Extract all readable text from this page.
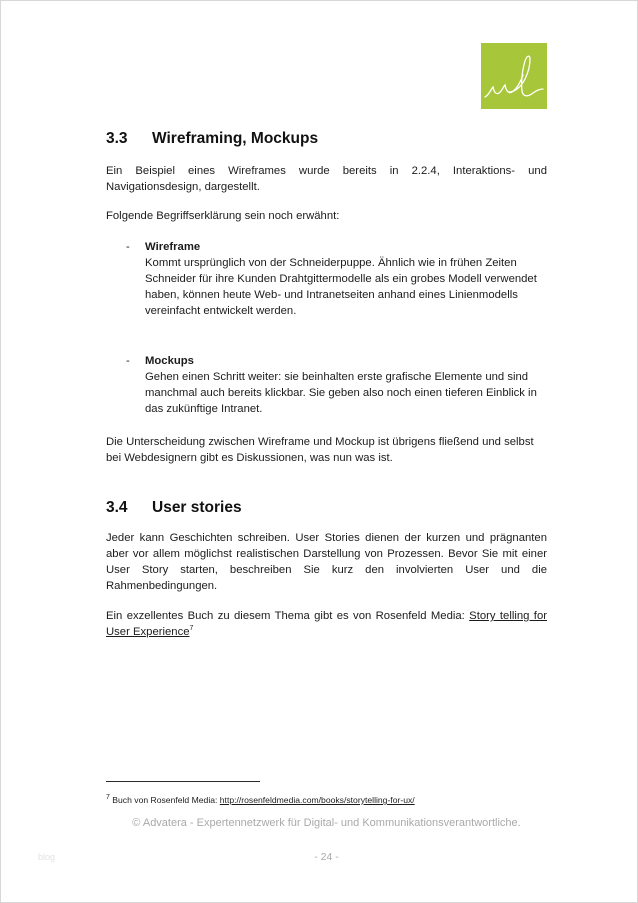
3.3 Wireframing, Mockups

Ein Beispiel eines Wireframes wurde bereits in 2.2.4, Interaktions- und Navigationsdesign, dargestellt.

Folgende Begriffserklärung sein noch erwähnt:

- Wireframe
Kommt ursprünglich von der Schneiderpuppe. Ähnlich wie in frühen Zeiten Schneider für ihre Kunden Drahtgittermodelle als ein grobes Modell verwendet haben, können heute Web- und Intranetseiten anhand eines Linienmodells vereinfacht entwickelt werden.
- Mockups
Gehen einen Schritt weiter: sie beinhalten erste grafische Elemente und sind manchmal auch bereits klickbar. Sie geben also noch einen tieferen Einblick in das zukünftige Intranet.

Die Unterscheidung zwischen Wireframe und Mockup ist übrigens fließend und selbst bei Webdesignern gibt es Diskussionen, was nun was ist.

3.4 User stories

Jeder kann Geschichten schreiben. User Stories dienen der kurzen und prägnanten aber vor allem möglichst realistischen Darstellung von Prozessen. Bevor Sie mit einer User Story starten, beschreiben Sie kurz den involvierten User und die Rahmenbedingungen.

Ein exzellentes Buch zu diesem Thema gibt es von Rosenfeld Media: Story telling for User Experience$^7$

$^7$ Buch von Rosenfeld Media: http://rosenfeldmedia.com/books/storytelling-for-ux/
© Advatera - Expertennetzwerk für Digital- und Kommunikationsverantwortliche.
blog	- 24 -
